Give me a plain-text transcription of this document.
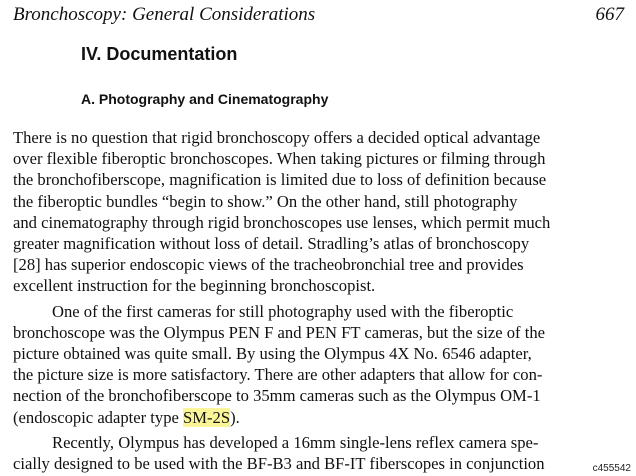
Bronchoscopy: General Considerations	667
IV. Documentation
A. Photography and Cinematography
There is no question that rigid bronchoscopy offers a decided optical advantage
over flexible fiberoptic bronchoscopes. When taking pictures or filming through
the bronchofiberscope, magnification is limited due to loss of definition because
the fiberoptic bundles “begin to show.” On the other hand, still photography
and cinematography through rigid bronchoscopes use lenses, which permit much
greater magnification without loss of detail. Stradling’s atlas of bronchoscopy
[28] has superior endoscopic views of the tracheobronchial tree and provides
excellent instruction for the beginning bronchoscopist.
One of the first cameras for still photography used with the fiberoptic
bronchoscope was the Olympus PEN F and PEN FT cameras, but the size of the
picture obtained was quite small. By using the Olympus 4X No. 6546 adapter,
the picture size is more satisfactory. There are other adapters that allow for con-
nection of the bronchofiberscope to 35mm cameras such as the Olympus OM-1
(endoscopic adapter type SM-2S).
Recently, Olympus has developed a 16mm single-lens reflex camera spe-
cially designed to be used with the BF-B3 and BF-IT fiberscopes in conjunction	c455542
